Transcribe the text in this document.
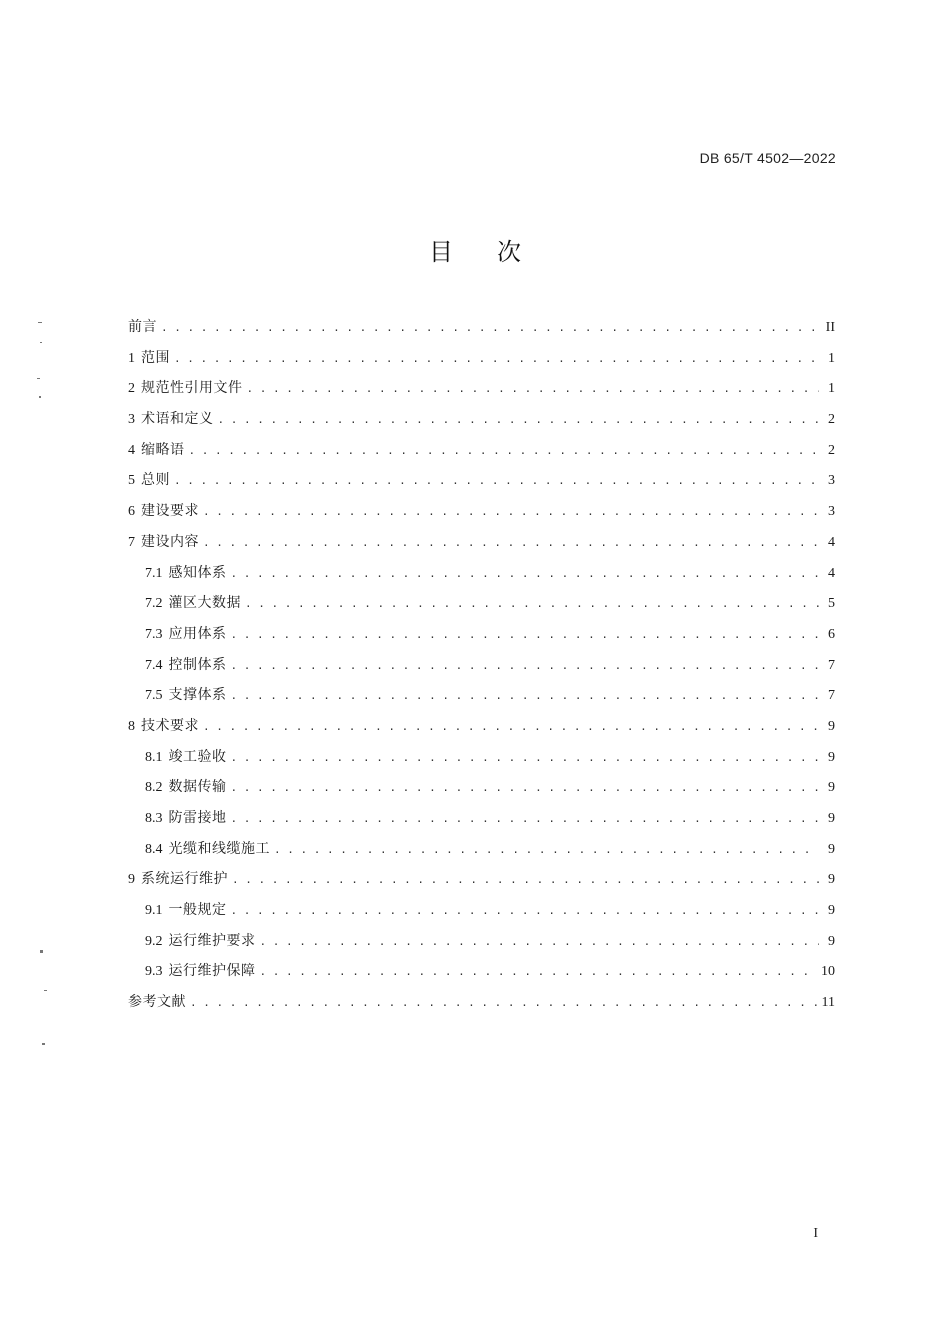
DB 65/T 4502—2022

目次
前言 . . .	II
1 范围 . . .	1
2 规范性引用文件 . . .	1
3 术语和定义 . . .	2
4 缩略语 . . .	2
5 总则 . . .	3
6 建设要求 . . .	3
7 建设内容 . . .	4
7.1 感知体系 . . .	4
7.2 灌区大数据 . . .	5
7.3 应用体系 . . .	6
7.4 控制体系 . . .	7
7.5 支撑体系 . . .	7
8 技术要求 . . .	9
8.1 竣工验收 . . .	9
8.2 数据传输 . . .	9
8.3 防雷接地 . . .	9
8.4 光缆和线缆施工 . . .	9
9 系统运行维护 . . .	9
9.1 一般规定 . . .	9
9.2 运行维护要求 . . .	9
9.3 运行维护保障 . . .	10
参考文献 . . .	11

I
